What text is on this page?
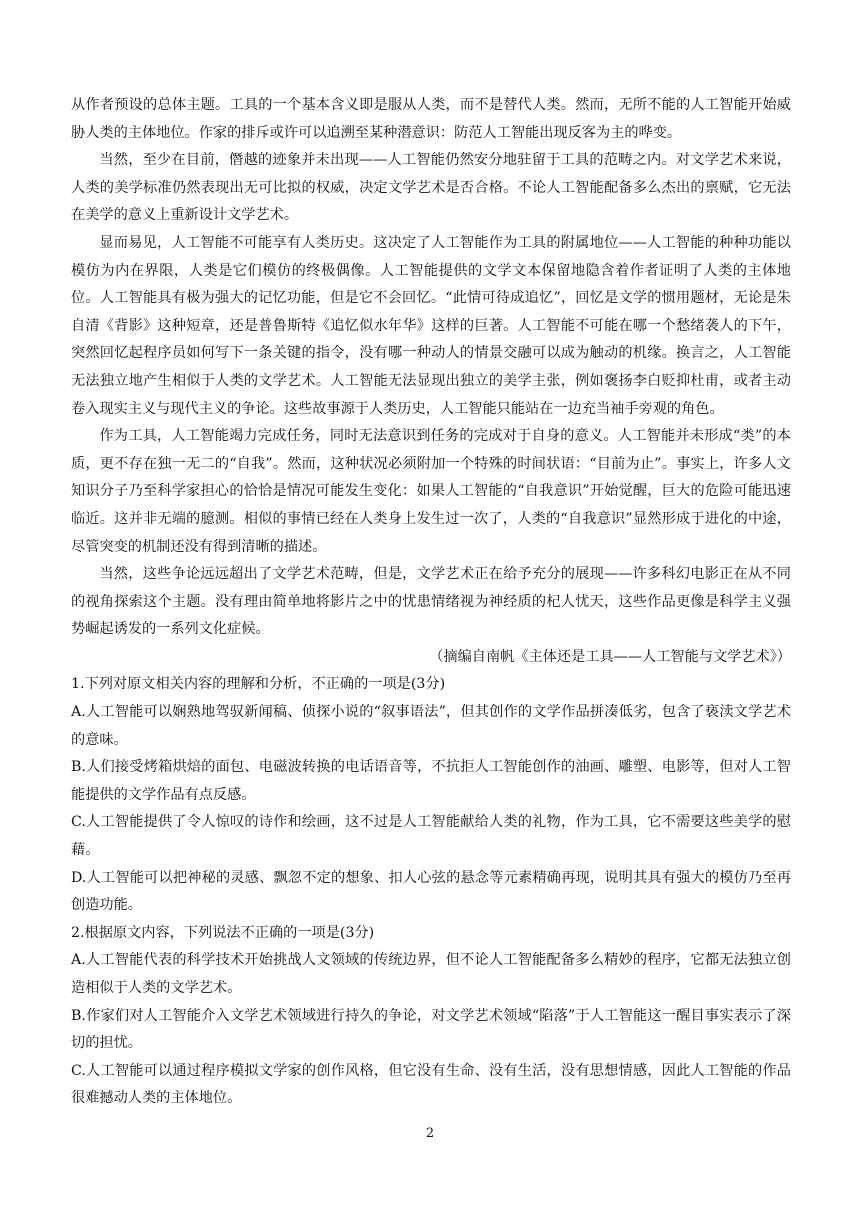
从作者预设的总体主题。工具的一个基本含义即是服从人类，而不是替代人类。然而，无所不能的人工智能开始威胁人类的主体地位。作家的排斥或许可以追溯至某种潜意识：防范人工智能出现反客为主的哗变。

当然，至少在目前，僭越的迹象并未出现——人工智能仍然安分地驻留于工具的范畴之内。对文学艺术来说，人类的美学标准仍然表现出无可比拟的权威，决定文学艺术是否合格。不论人工智能配备多么杰出的禀赋，它无法在美学的意义上重新设计文学艺术。

显而易见，人工智能不可能享有人类历史。这决定了人工智能作为工具的附属地位——人工智能的种种功能以模仿为内在界限，人类是它们模仿的终极偶像。人工智能提供的文学文本保留地隐含着作者证明了人类的主体地位。人工智能具有极为强大的记忆功能，但是它不会回忆。“此情可待成追忆”，回忆是文学的惯用题材，无论是朱自清《背影》这种短章，还是普鲁斯特《追忆似水年华》这样的巨著。人工智能不可能在哪一个愁绪袭人的下午，突然回忆起程序员如何写下一条关键的指令，没有哪一种动人的情景交融可以成为触动的机缘。换言之，人工智能无法独立地产生相似于人类的文学艺术。人工智能无法显现出独立的美学主张，例如褒扬李白贬抑杜甫，或者主动卷入现实主义与现代主义的争论。这些故事源于人类历史，人工智能只能站在一边充当袖手旁观的角色。

作为工具，人工智能竭力完成任务，同时无法意识到任务的完成对于自身的意义。人工智能并未形成“类”的本质，更不存在独一无二的“自我”。然而，这种状况必须附加一个特殊的时间状语：“目前为止”。事实上，许多人文知识分子乃至科学家担心的恰恰是情况可能发生变化：如果人工智能的“自我意识”开始觉醒，巨大的危险可能迅速临近。这并非无端的臆测。相似的事情已经在人类身上发生过一次了，人类的“自我意识”显然形成于进化的中途，尽管突变的机制还没有得到清晰的描述。

当然，这些争论远远超出了文学艺术范畴，但是，文学艺术正在给予充分的展现——许多科幻电影正在从不同的视角探索这个主题。没有理由简单地将影片之中的忧患情绪视为神经质的杞人忧天，这些作品更像是科学主义强势崛起诱发的一系列文化症候。

（摘编自南帆《主体还是工具——人工智能与文学艺术》）

1.下列对原文相关内容的理解和分析，不正确的一项是(3分)

A.人工智能可以娴熟地驾驭新闻稿、侦探小说的“叙事语法”，但其创作的文学作品拼凑低劣，包含了亵渎文学艺术的意味。

B.人们接受烤箱烘焙的面包、电磁波转换的电话语音等，不抗拒人工智能创作的油画、雕塑、电影等，但对人工智能提供的文学作品有点反感。

C.人工智能提供了令人惊叹的诗作和绘画，这不过是人工智能献给人类的礼物，作为工具，它不需要这些美学的慰藉。

D.人工智能可以把神秘的灵感、飘忽不定的想象、扣人心弦的悬念等元素精确再现，说明其具有强大的模仿乃至再创造功能。

2.根据原文内容，下列说法不正确的一项是(3分)

A.人工智能代表的科学技术开始挑战人文领域的传统边界，但不论人工智能配备多么精妙的程序，它都无法独立创造相似于人类的文学艺术。

B.作家们对人工智能介入文学艺术领域进行持久的争论，对文学艺术领域“陷落”于人工智能这一醒目事实表示了深切的担忧。

C.人工智能可以通过程序模拟文学家的创作风格，但它没有生命、没有生活，没有思想情感，因此人工智能的作品很难撼动人类的主体地位。

2
